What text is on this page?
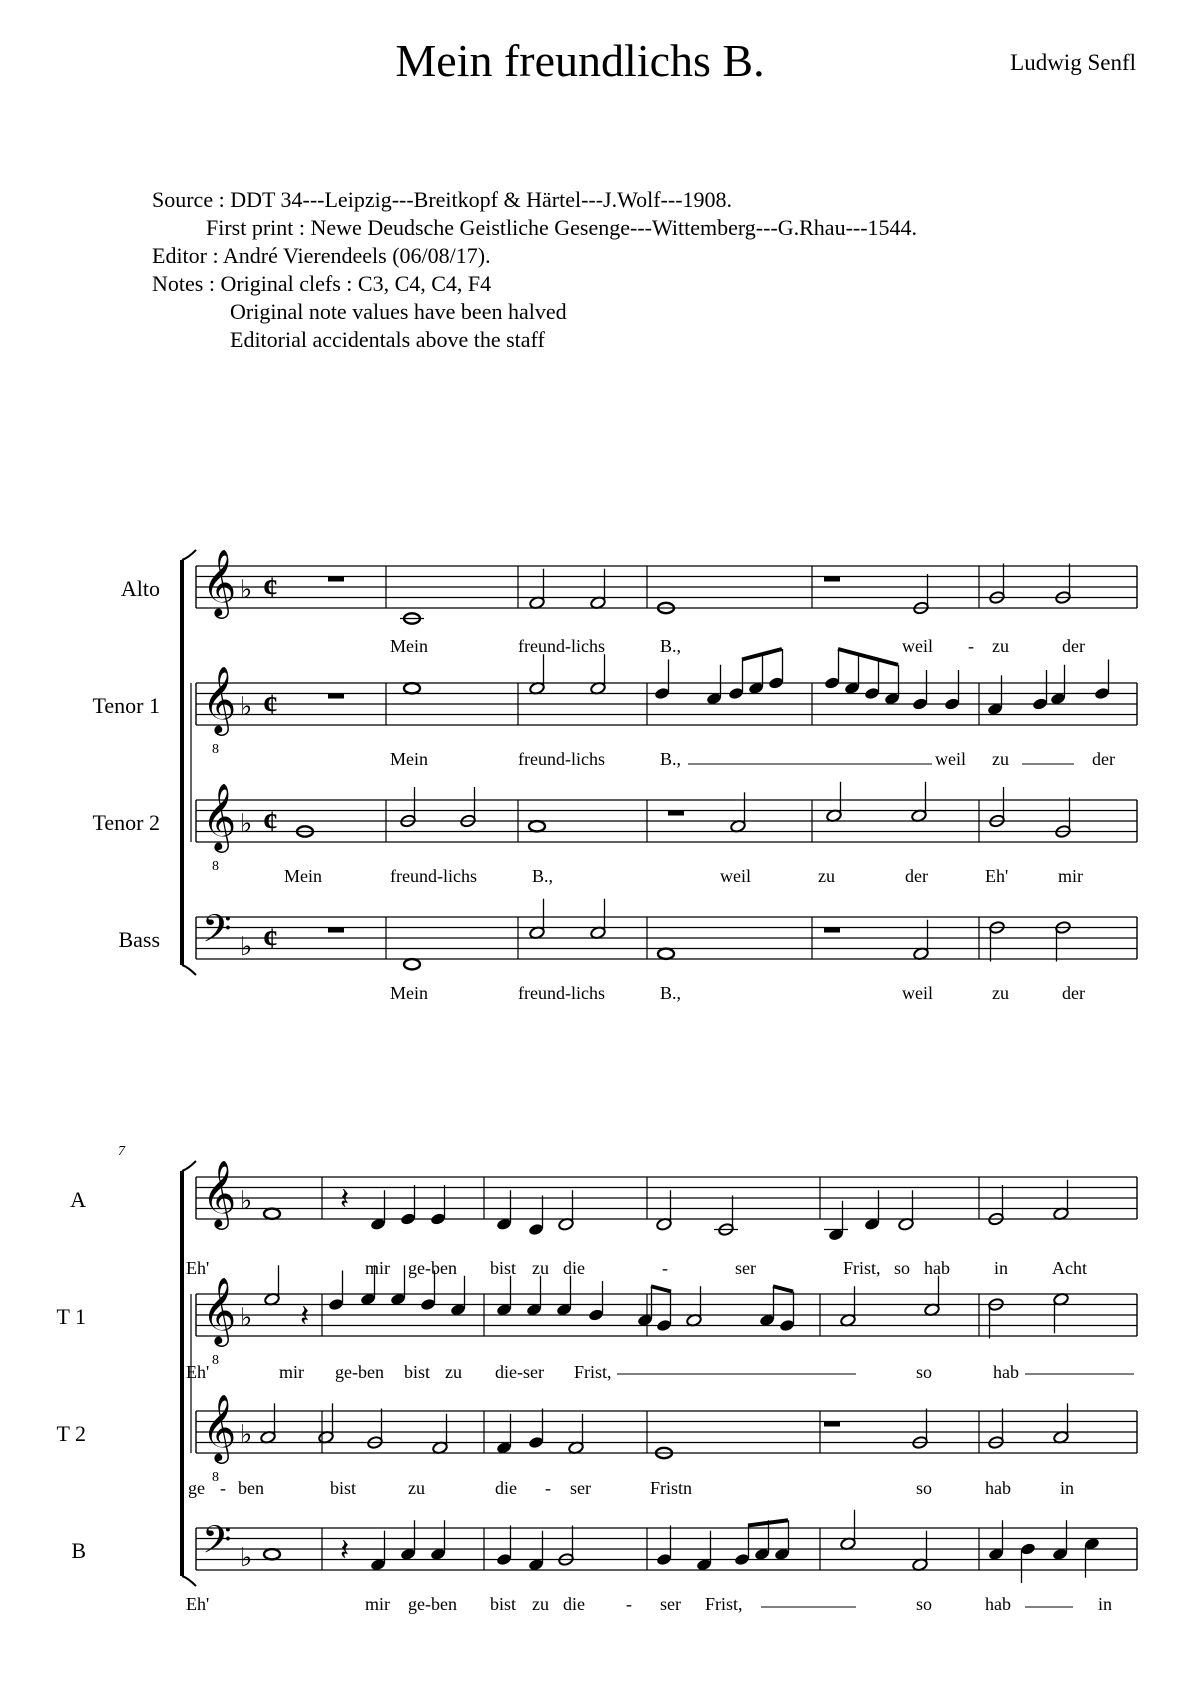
Mein freundlichs B.	Ludwig Senfl
Source : DDT 34---Leipzig---Breitkopf & Härtel---J.Wolf---1908.
First print : Newe Deudsche Geistliche Gesenge---Wittemberg---G.Rhau---1544.
Editor : André Vierendeels (06/08/17).
Notes : Original clefs : C3, C4, C4, F4
Original note values have been halved
Editorial accidentals above the staff
𝄞
𝄞
8
𝄞
8
𝄢
♭
♭
♭
♭
¢
¢
¢
¢
𝄞
𝄞
8
𝄞
8
𝄢
♭
♭
♭
♭
𝄽
𝄽
𝄽
Alto
Tenor 1
Tenor 2
Bass
Mein	freund-lichs	B.,	weil - zu	der
Mein	freund-lichs	B.,	weil zu	der
Mein	freund-lichs	B.,	weil	zu	der	Eh'	mir
Mein	freund-lichs	B.,	weil	zu	der
7
A
T 1
T 2
B
Eh'	mir ge-ben bist zu die	-	ser	Frist, so hab in Acht
Eh'	mir ge-ben bist zu die-ser Frist,	so	hab
ge - ben	bist	zu	die - ser	Fristn	so	hab	in
Eh'	mir ge-ben bist zu die - ser Frist,	so	hab	in
